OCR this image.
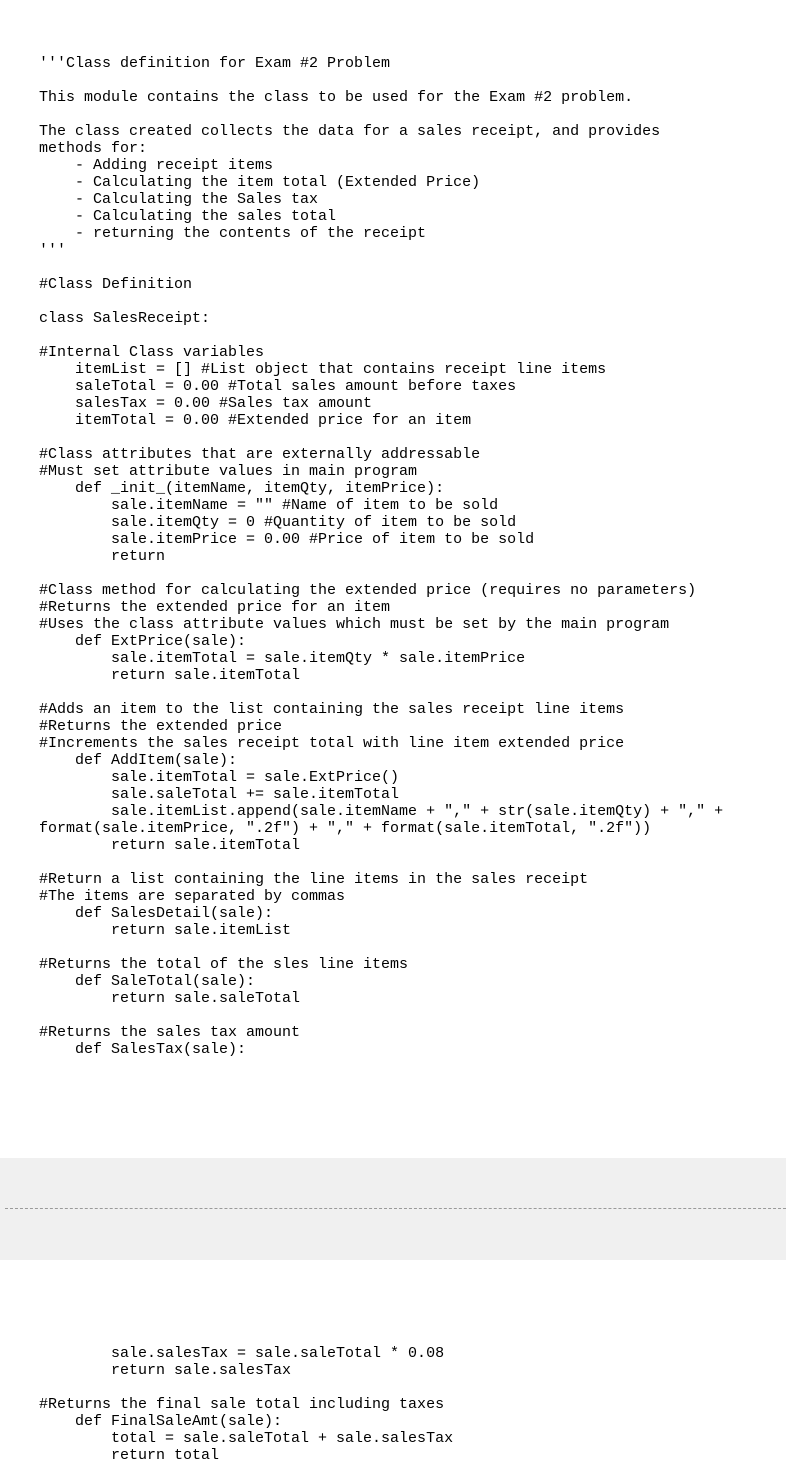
'''Class definition for Exam #2 Problem

This module contains the class to be used for the Exam #2 problem.

The class created collects the data for a sales receipt, and provides
methods for:
- Adding receipt items
- Calculating the item total (Extended Price)
- Calculating the Sales tax
- Calculating the sales total
- returning the contents of the receipt
'''

#Class Definition

class SalesReceipt:

#Internal Class variables
itemList = [] #List object that contains receipt line items
saleTotal = 0.00 #Total sales amount before taxes
salesTax = 0.00 #Sales tax amount
itemTotal = 0.00 #Extended price for an item

#Class attributes that are externally addressable
#Must set attribute values in main program
def _init_(itemName, itemQty, itemPrice):
sale.itemName = "" #Name of item to be sold
sale.itemQty = 0 #Quantity of item to be sold
sale.itemPrice = 0.00 #Price of item to be sold
return

#Class method for calculating the extended price (requires no parameters)
#Returns the extended price for an item
#Uses the class attribute values which must be set by the main program
def ExtPrice(sale):
sale.itemTotal = sale.itemQty * sale.itemPrice
return sale.itemTotal

#Adds an item to the list containing the sales receipt line items
#Returns the extended price
#Increments the sales receipt total with line item extended price
def AddItem(sale):
sale.itemTotal = sale.ExtPrice()
sale.saleTotal += sale.itemTotal
sale.itemList.append(sale.itemName + "," + str(sale.itemQty) + "," +
format(sale.itemPrice, ".2f") + "," + format(sale.itemTotal, ".2f"))
return sale.itemTotal

#Return a list containing the line items in the sales receipt
#The items are separated by commas
def SalesDetail(sale):
return sale.itemList

#Returns the total of the sles line items
def SaleTotal(sale):
return sale.saleTotal

#Returns the sales tax amount
def SalesTax(sale):
sale.salesTax = sale.saleTotal * 0.08
return sale.salesTax

#Returns the final sale total including taxes
def FinalSaleAmt(sale):
total = sale.saleTotal + sale.salesTax
return total
